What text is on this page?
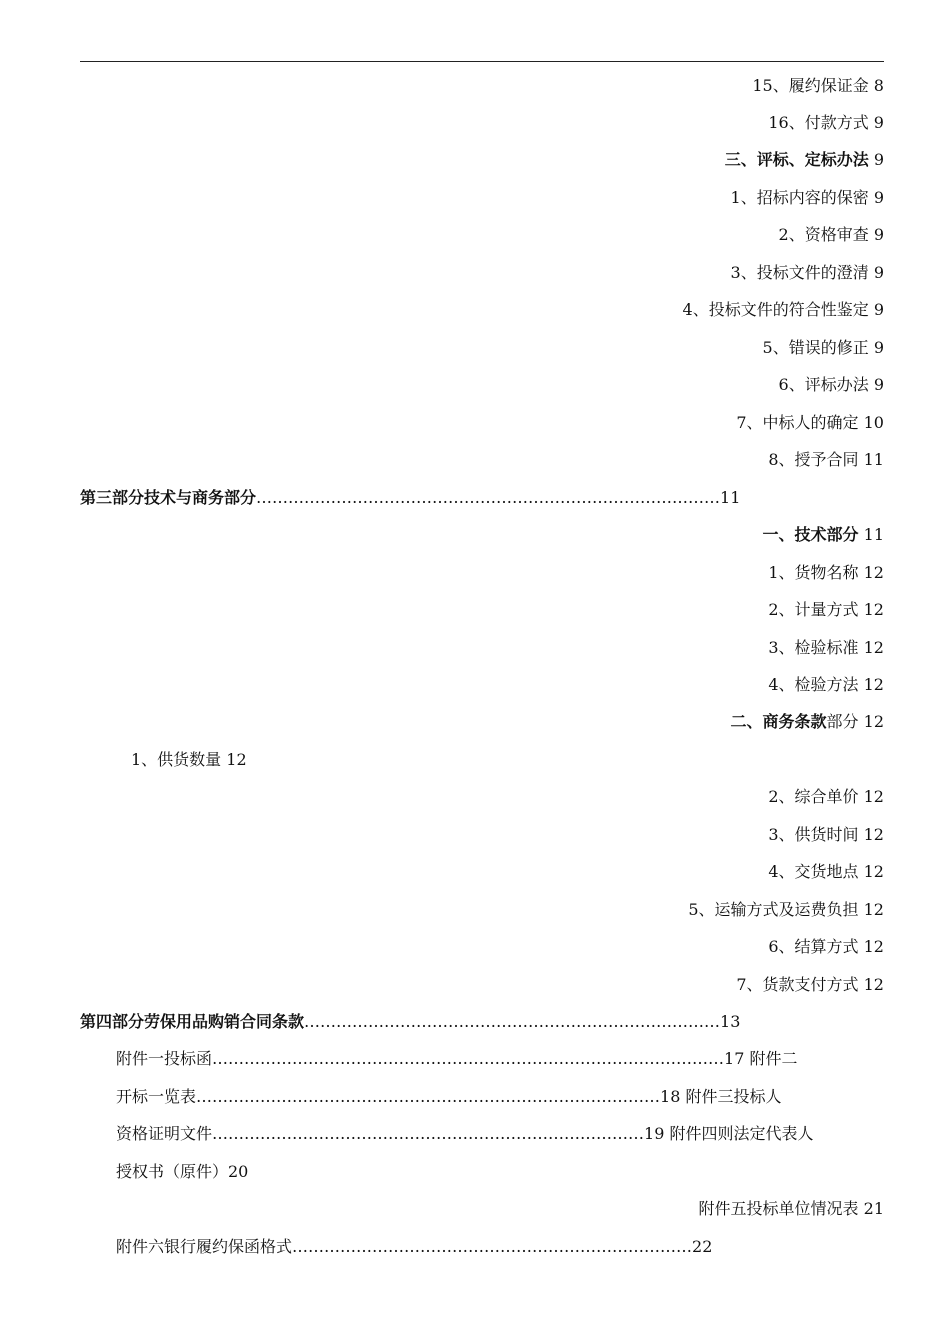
15、履约保证金 8
16、付款方式 9
三、评标、定标办法 9
1、招标内容的保密 9
2、资格审查 9
3、投标文件的澄清 9
4、投标文件的符合性鉴定 9
5、错误的修正 9
6、评标办法 9
7、中标人的确定 10
8、授予合同 11
第三部分技术与商务部分……………………………………………………………………………11
一、技术部分 11
1、货物名称 12
2、计量方式 12
3、检验标准 12
4、检验方法 12
二、商务条款部分 12
1、供货数量 12
2、综合单价 12
3、供货时间 12
4、交货地点 12
5、运输方式及运费负担 12
6、结算方式 12
7、货款支付方式 12
第四部分劳保用品购销合同条款……………………………………………………………………13
附件一投标函……………………………………………………………………………………17 附件二
开标一览表……………………………………………………………………………18 附件三投标人
资格证明文件………………………………………………………………………19 附件四则法定代表人
授权书（原件）20
附件五投标单位情况表 21
附件六银行履约保函格式…………………………………………………………………22
